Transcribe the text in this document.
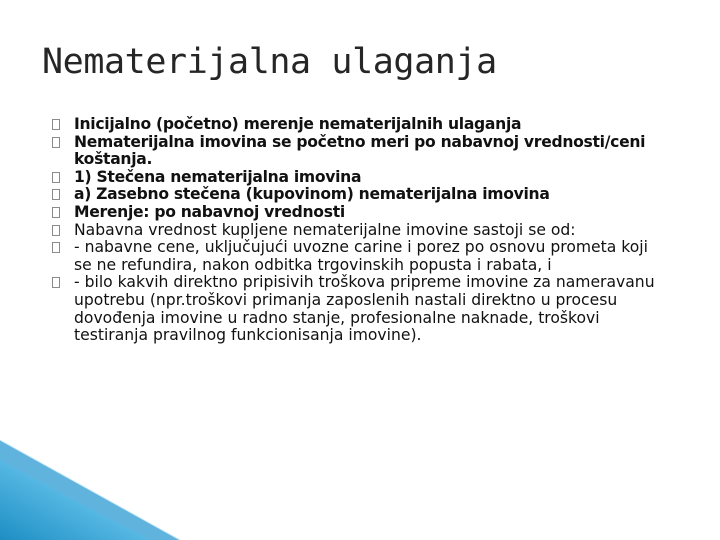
Nematerijalna ulaganja
Inicijalno (početno) merenje nematerijalnih ulaganja
Nematerijalna imovina se početno meri po nabavnoj vrednosti/ceni koštanja.
1) Stečena nematerijalna imovina
a) Zasebno stečena (kupovinom) nematerijalna imovina
Merenje: po nabavnoj vrednosti
Nabavna vrednost kupljene nematerijalne imovine sastoji se od:
- nabavne cene, uključujući uvozne carine i porez po osnovu prometa koji se ne refundira, nakon odbitka trgovinskih popusta i rabata, i
- bilo kakvih direktno pripisivih troškova pripreme imovine za nameravanu upotrebu (npr.troškovi primanja zaposlenih nastali direktno u procesu dovođenja imovine u radno stanje, profesionalne naknade, troškovi testiranja pravilnog funkcionisanja imovine).
